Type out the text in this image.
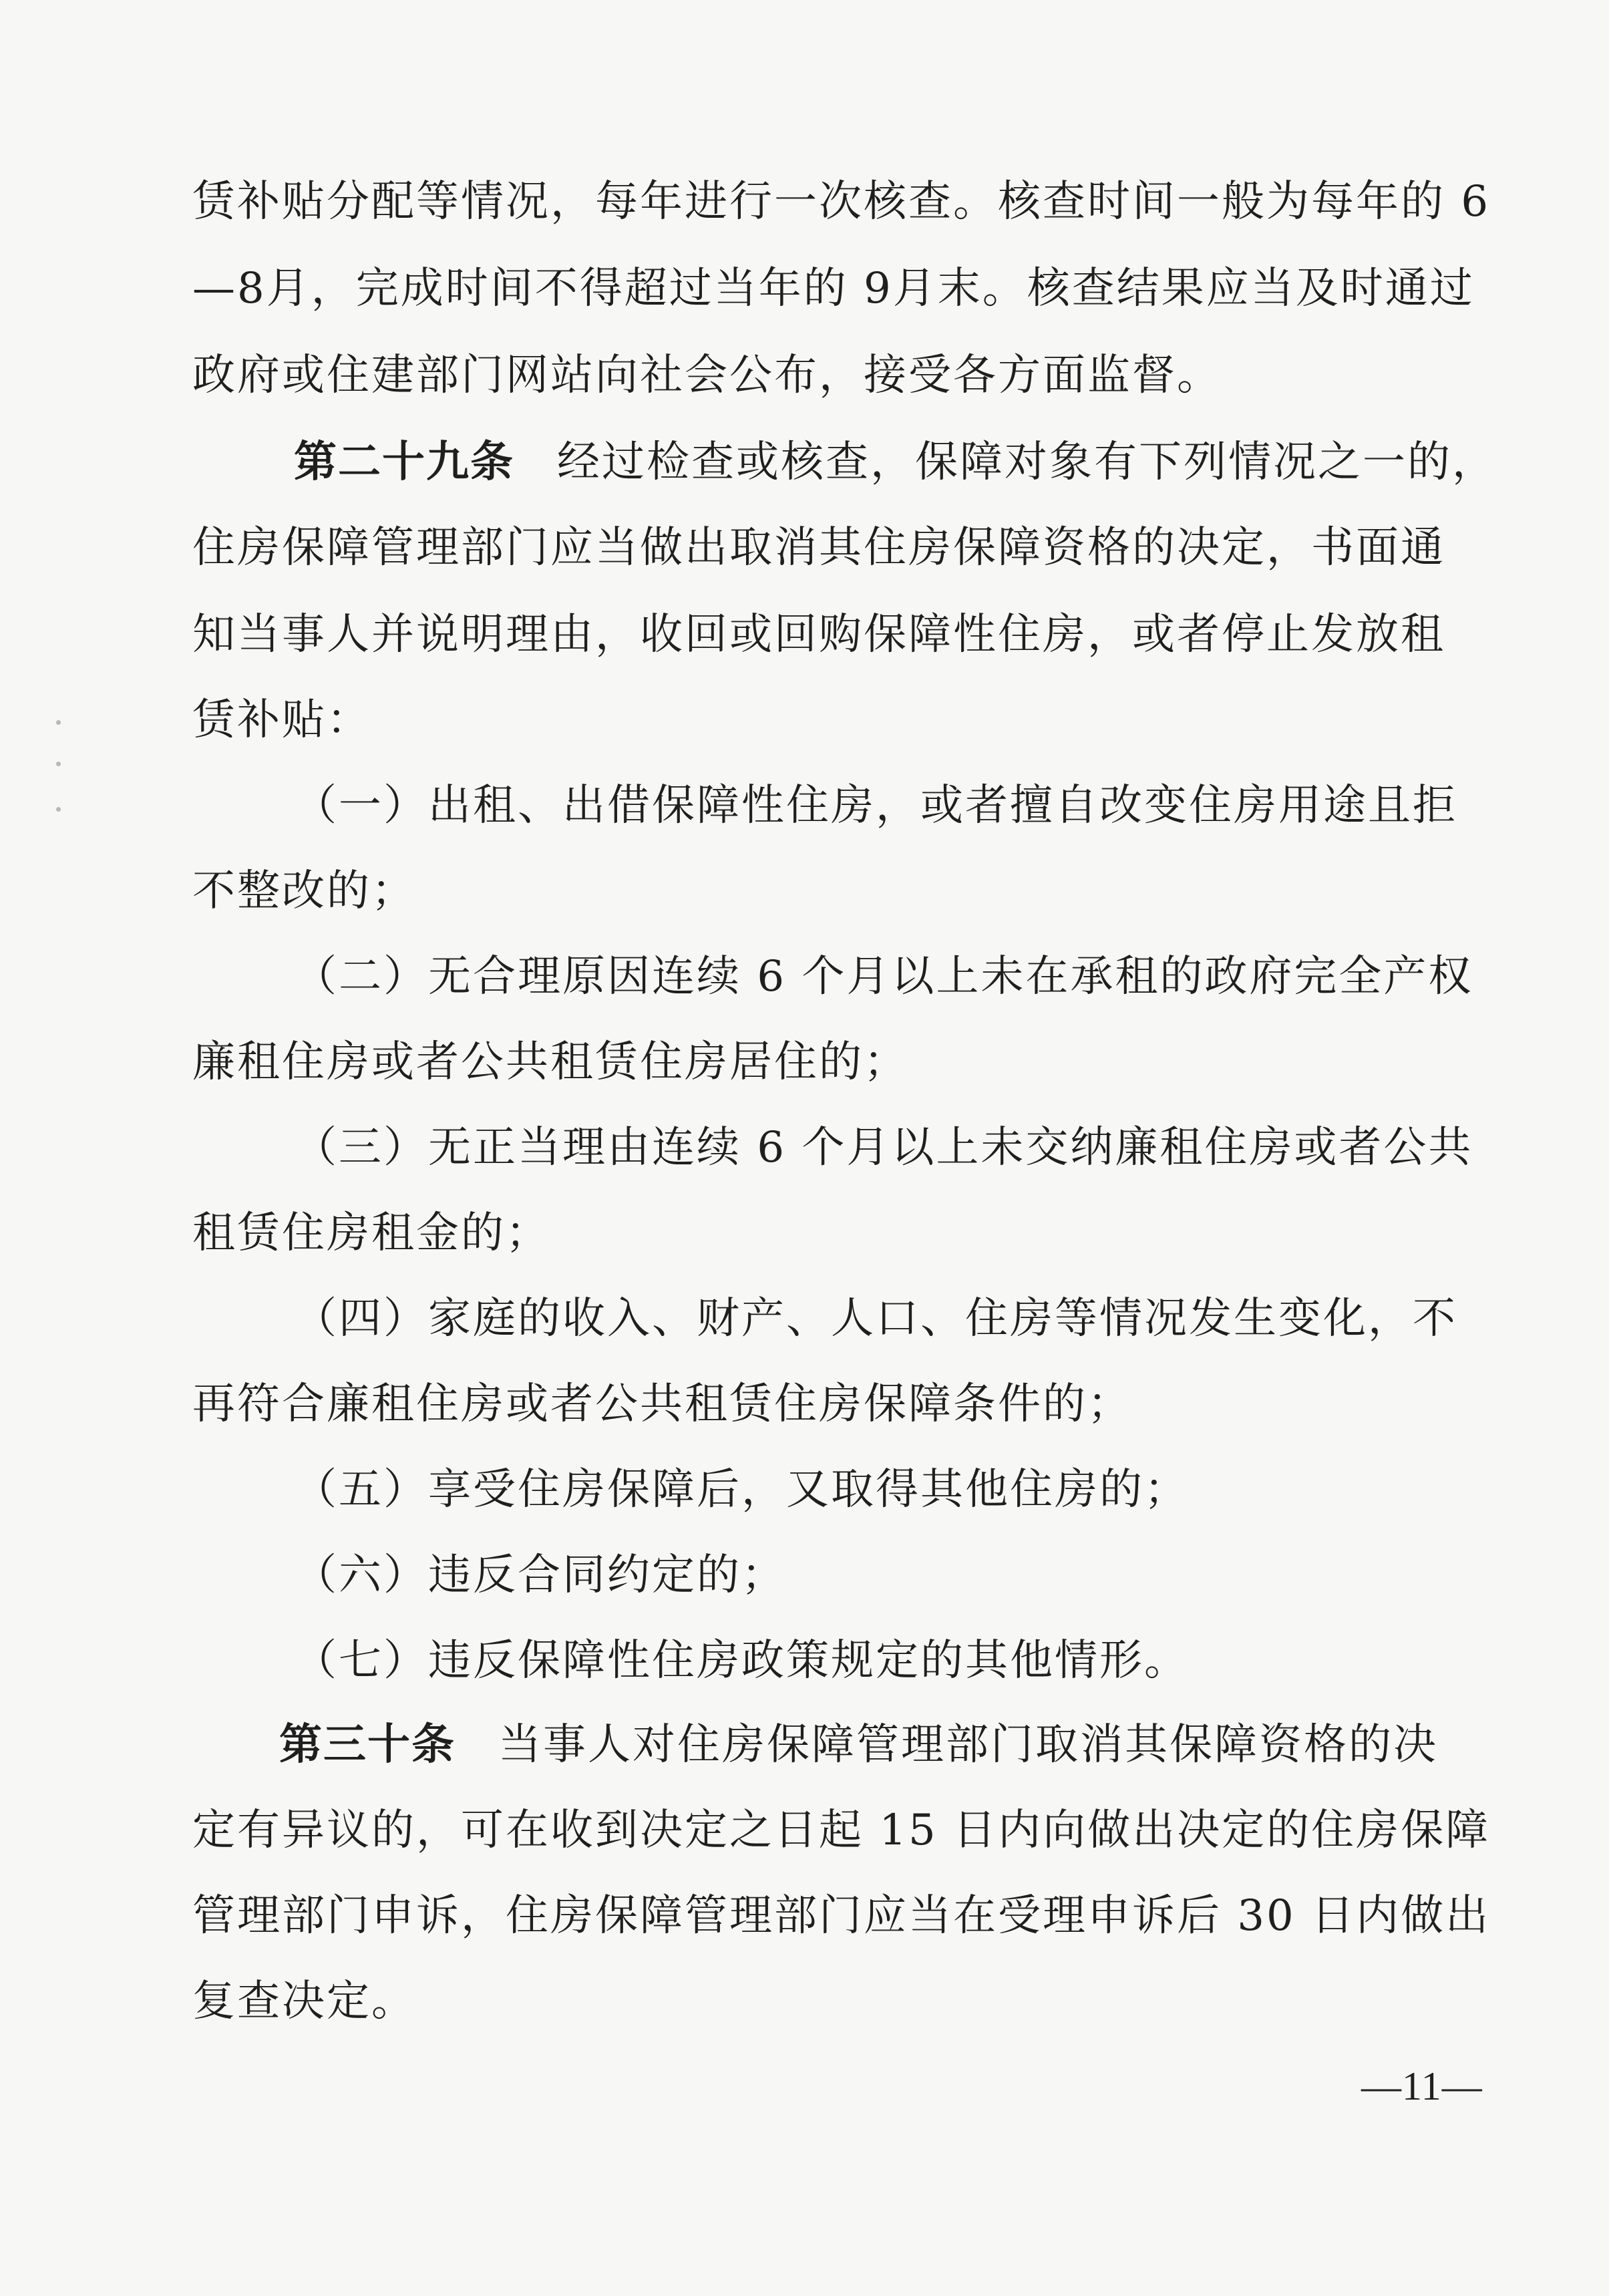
赁补贴分配等情况，每年进行一次核查。核查时间一般为每年的 6
—8月，完成时间不得超过当年的 9月末。核查结果应当及时通过
政府或住建部门网站向社会公布，接受各方面监督。
第二十九条 经过检查或核查，保障对象有下列情况之一的，
住房保障管理部门应当做出取消其住房保障资格的决定，书面通
知当事人并说明理由，收回或回购保障性住房，或者停止发放租
赁补贴：
（一）出租、出借保障性住房，或者擅自改变住房用途且拒
不整改的；
（二）无合理原因连续 6 个月以上未在承租的政府完全产权
廉租住房或者公共租赁住房居住的；
（三）无正当理由连续 6 个月以上未交纳廉租住房或者公共
租赁住房租金的；
（四）家庭的收入、财产、人口、住房等情况发生变化，不
再符合廉租住房或者公共租赁住房保障条件的；
（五）享受住房保障后，又取得其他住房的；
（六）违反合同约定的；
（七）违反保障性住房政策规定的其他情形。
第三十条 当事人对住房保障管理部门取消其保障资格的决
定有异议的，可在收到决定之日起 15 日内向做出决定的住房保障
管理部门申诉，住房保障管理部门应当在受理申诉后 30 日内做出
复查决定。
—11—
